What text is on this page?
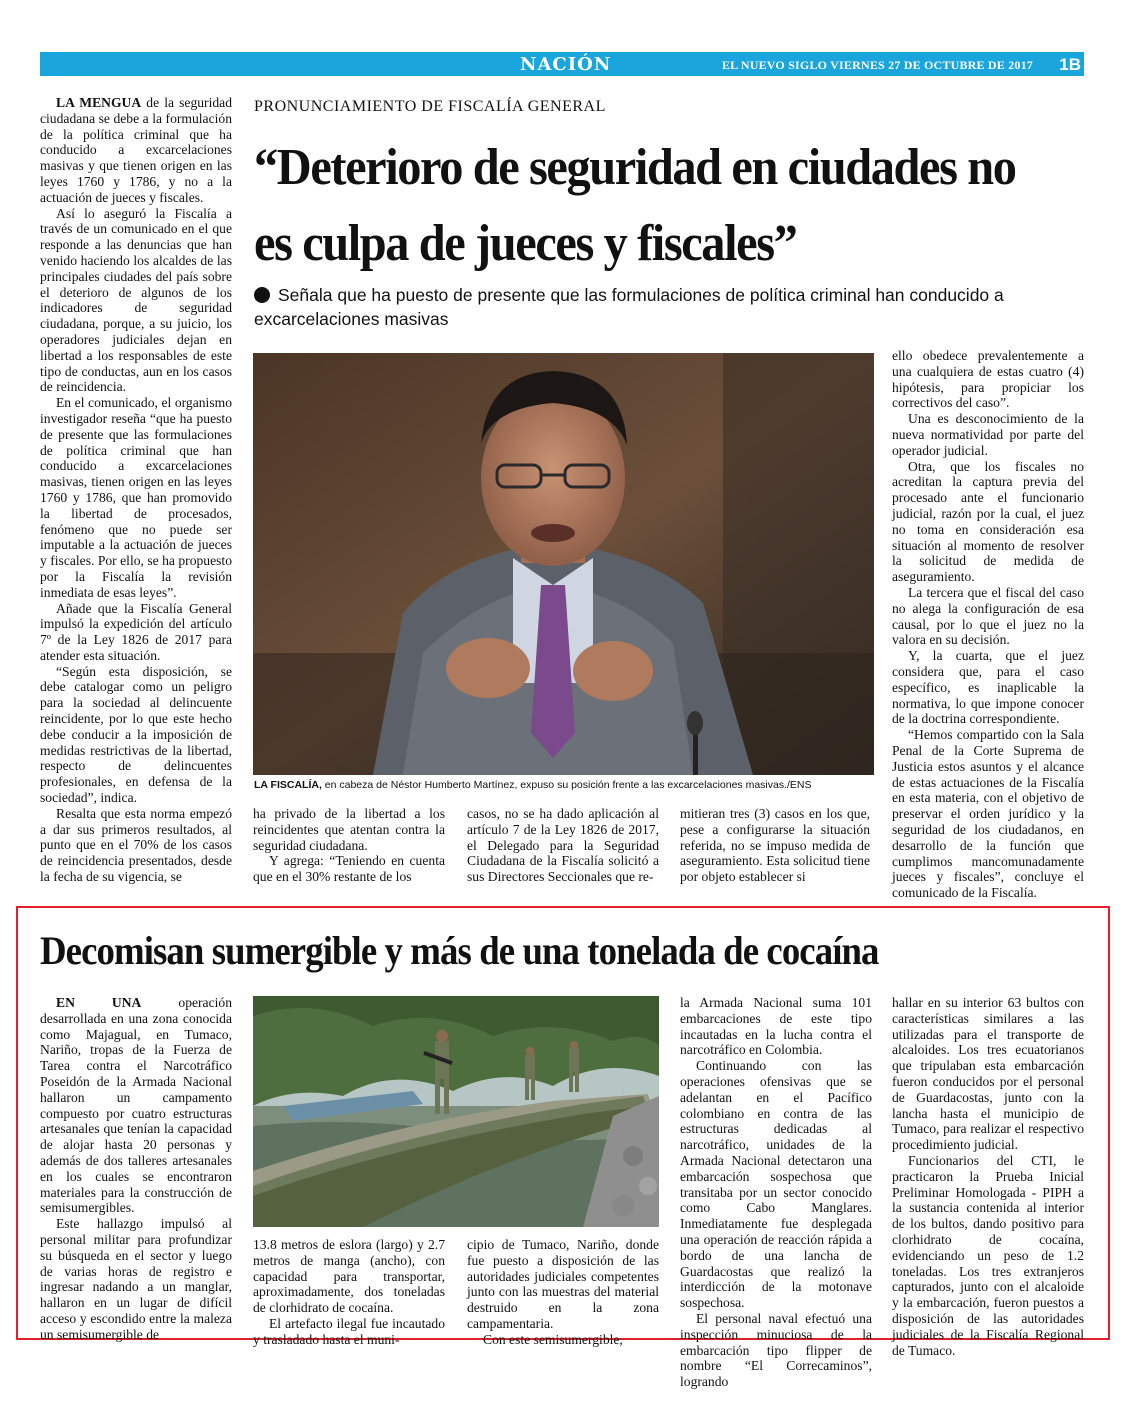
NACIÓN	EL NUEVO SIGLO VIERNES 27 DE OCTUBRE DE 2017 1B

LA MENGUA de la seguridad ciudadana se debe a la formulación de la política criminal que ha conducido a excarcelaciones masivas y que tienen origen en las leyes 1760 y 1786, y no a la actuación de jueces y fiscales.

Así lo aseguró la Fiscalía a través de un comunicado en el que responde a las denuncias que han venido haciendo los alcaldes de las principales ciudades del país sobre el deterioro de algunos de los indicadores de seguridad ciudadana, porque, a su juicio, los operadores judiciales dejan en libertad a los responsables de este tipo de conductas, aun en los casos de reincidencia.

En el comunicado, el organismo investigador reseña “que ha puesto de presente que las formulaciones de política criminal que han conducido a excarcelaciones masivas, tienen origen en las leyes 1760 y 1786, que han promovido la libertad de procesados, fenómeno que no puede ser imputable a la actuación de jueces y fiscales. Por ello, se ha propuesto por la Fiscalía la revisión inmediata de esas leyes”.

Añade que la Fiscalía General impulsó la expedición del artículo 7º de la Ley 1826 de 2017 para atender esta situación.

“Según esta disposición, se debe catalogar como un peligro para la sociedad al delincuente reincidente, por lo que este hecho debe conducir a la imposición de medidas restrictivas de la libertad, respecto de delincuentes profesionales, en defensa de la sociedad”, indica.

Resalta que esta norma empezó a dar sus primeros resultados, al punto que en el 70% de los casos de reincidencia presentados, desde la fecha de su vigencia, se

PRONUNCIAMIENTO DE FISCALÍA GENERAL
“Deterioro de seguridad en ciudades no es culpa de jueces y fiscales”
Señala que ha puesto de presente que las formulaciones de política criminal han conducido a excarcelaciones masivas
LA FISCALÍA, en cabeza de Néstor Humberto Martínez, expuso su posición frente a las excarcelaciones masivas./ENS

ha privado de la libertad a los reincidentes que atentan contra la seguridad ciudadana.

Y agrega: “Teniendo en cuenta que en el 30% restante de los

casos, no se ha dado aplicación al artículo 7 de la Ley 1826 de 2017, el Delegado para la Seguridad Ciudadana de la Fiscalía solicitó a sus Directores Seccionales que re-

mitieran tres (3) casos en los que, pese a configurarse la situación referida, no se impuso medida de aseguramiento. Esta solicitud tiene por objeto establecer si

ello obedece prevalentemente a una cualquiera de estas cuatro (4) hipótesis, para propiciar los correctivos del caso”.

Una es desconocimiento de la nueva normatividad por parte del operador judicial.

Otra, que los fiscales no acreditan la captura previa del procesado ante el funcionario judicial, razón por la cual, el juez no toma en consideración esa situación al momento de resolver la solicitud de medida de aseguramiento.

La tercera que el fiscal del caso no alega la configuración de esa causal, por lo que el juez no la valora en su decisión.

Y, la cuarta, que el juez considera que, para el caso específico, es inaplicable la normativa, lo que impone conocer de la doctrina correspondiente.

“Hemos compartido con la Sala Penal de la Corte Suprema de Justicia estos asuntos y el alcance de estas actuaciones de la Fiscalía en esta materia, con el objetivo de preservar el orden jurídico y la seguridad de los ciudadanos, en desarrollo de la función que cumplimos mancomunadamente jueces y fiscales”, concluye el comunicado de la Fiscalía.

Decomisan sumergible y más de una tonelada de cocaína

EN UNA operación desarrollada en una zona conocida como Majagual, en Tumaco, Nariño, tropas de la Fuerza de Tarea contra el Narcotráfico Poseidón de la Armada Nacional hallaron un campamento compuesto por cuatro estructuras artesanales que tenían la capacidad de alojar hasta 20 personas y además de dos talleres artesanales en los cuales se encontraron materiales para la construcción de semisumergibles.

Este hallazgo impulsó al personal militar para profundizar su búsqueda en el sector y luego de varias horas de registro e ingresar nadando a un manglar, hallaron en un lugar de difícil acceso y escondido entre la maleza un semisumergible de

13.8 metros de eslora (largo) y 2.7 metros de manga (ancho), con capacidad para transportar, aproximadamente, dos toneladas de clorhidrato de cocaína.

El artefacto ilegal fue incautado y trasladado hasta el muni-

cipio de Tumaco, Nariño, donde fue puesto a disposición de las autoridades judiciales competentes junto con las muestras del material destruido en la zona campamentaria.

Con este semisumergible,

la Armada Nacional suma 101 embarcaciones de este tipo incautadas en la lucha contra el narcotráfico en Colombia.

Continuando con las operaciones ofensivas que se adelantan en el Pacífico colombiano en contra de las estructuras dedicadas al narcotráfico, unidades de la Armada Nacional detectaron una embarcación sospechosa que transitaba por un sector conocido como Cabo Manglares. Inmediatamente fue desplegada una operación de reacción rápida a bordo de una lancha de Guardacostas que realizó la interdicción de la motonave sospechosa.

El personal naval efectuó una inspección minuciosa de la embarcación tipo flipper de nombre “El Correcaminos”, logrando

hallar en su interior 63 bultos con características similares a las utilizadas para el transporte de alcaloides. Los tres ecuatorianos que tripulaban esta embarcación fueron conducidos por el personal de Guardacostas, junto con la lancha hasta el municipio de Tumaco, para realizar el respectivo procedimiento judicial.

Funcionarios del CTI, le practicaron la Prueba Inicial Preliminar Homologada - PIPH a la sustancia contenida al interior de los bultos, dando positivo para clorhidrato de cocaína, evidenciando un peso de 1.2 toneladas. Los tres extranjeros capturados, junto con el alcaloide y la embarcación, fueron puestos a disposición de las autoridades judiciales de la Fiscalía Regional de Tumaco.
